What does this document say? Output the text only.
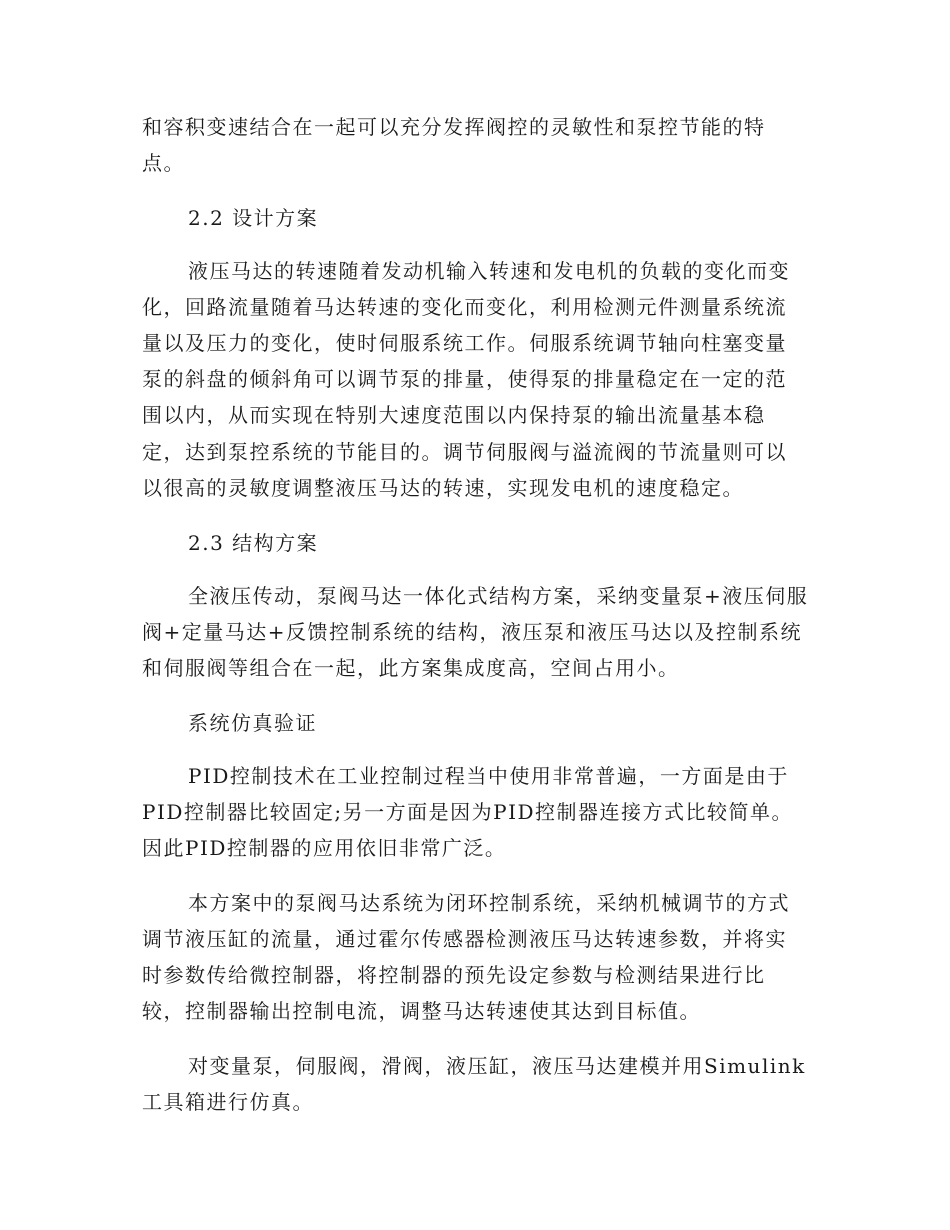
和容积变速结合在一起可以充分发挥阀控的灵敏性和泵控节能的特
点。
2.2 设计方案
液压马达的转速随着发动机输入转速和发电机的负载的变化而变
化，回路流量随着马达转速的变化而变化，利用检测元件测量系统流
量以及压力的变化，使时伺服系统工作。伺服系统调节轴向柱塞变量
泵的斜盘的倾斜角可以调节泵的排量，使得泵的排量稳定在一定的范
围以内，从而实现在特别大速度范围以内保持泵的输出流量基本稳
定，达到泵控系统的节能目的。调节伺服阀与溢流阀的节流量则可以
以很高的灵敏度调整液压马达的转速，实现发电机的速度稳定。
2.3 结构方案
全液压传动，泵阀马达一体化式结构方案，采纳变量泵+液压伺服
阀+定量马达+反馈控制系统的结构，液压泵和液压马达以及控制系统
和伺服阀等组合在一起，此方案集成度高，空间占用小。
系统仿真验证
PID控制技术在工业控制过程当中使用非常普遍，一方面是由于
PID控制器比较固定;另一方面是因为PID控制器连接方式比较简单。
因此PID控制器的应用依旧非常广泛。
本方案中的泵阀马达系统为闭环控制系统，采纳机械调节的方式
调节液压缸的流量，通过霍尔传感器检测液压马达转速参数，并将实
时参数传给微控制器，将控制器的预先设定参数与检测结果进行比
较，控制器输出控制电流，调整马达转速使其达到目标值。
对变量泵，伺服阀，滑阀，液压缸，液压马达建模并用Simulink
工具箱进行仿真。
